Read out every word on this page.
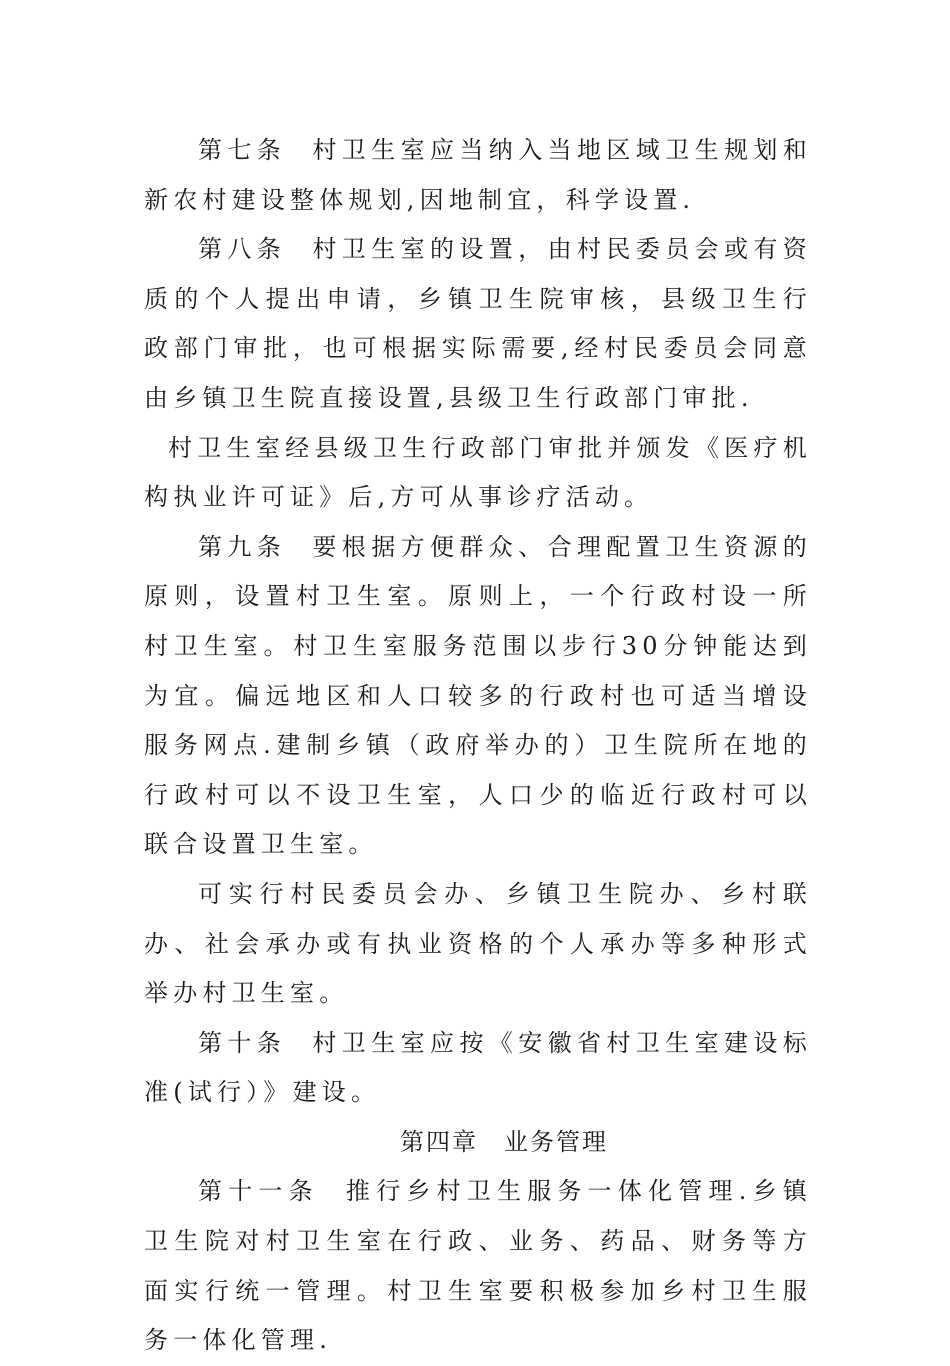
第七条 村卫生室应当纳入当地区域卫生规划和新农村建设整体规划,因地制宜，科学设置.

第八条 村卫生室的设置，由村民委员会或有资质的个人提出申请，乡镇卫生院审核，县级卫生行政部门审批，也可根据实际需要,经村民委员会同意由乡镇卫生院直接设置,县级卫生行政部门审批.

村卫生室经县级卫生行政部门审批并颁发《医疗机构执业许可证》后,方可从事诊疗活动。

第九条 要根据方便群众、合理配置卫生资源的原则，设置村卫生室。原则上，一个行政村设一所村卫生室。村卫生室服务范围以步行30分钟能达到为宜。偏远地区和人口较多的行政村也可适当增设服务网点.建制乡镇（政府举办的）卫生院所在地的行政村可以不设卫生室，人口少的临近行政村可以联合设置卫生室。

可实行村民委员会办、乡镇卫生院办、乡村联办、社会承办或有执业资格的个人承办等多种形式举办村卫生室。

第十条 村卫生室应按《安徽省村卫生室建设标准(试行）》建设。

第四章　业务管理

第十一条 推行乡村卫生服务一体化管理.乡镇卫生院对村卫生室在行政、业务、药品、财务等方面实行统一管理。村卫生室要积极参加乡村卫生服务一体化管理.
